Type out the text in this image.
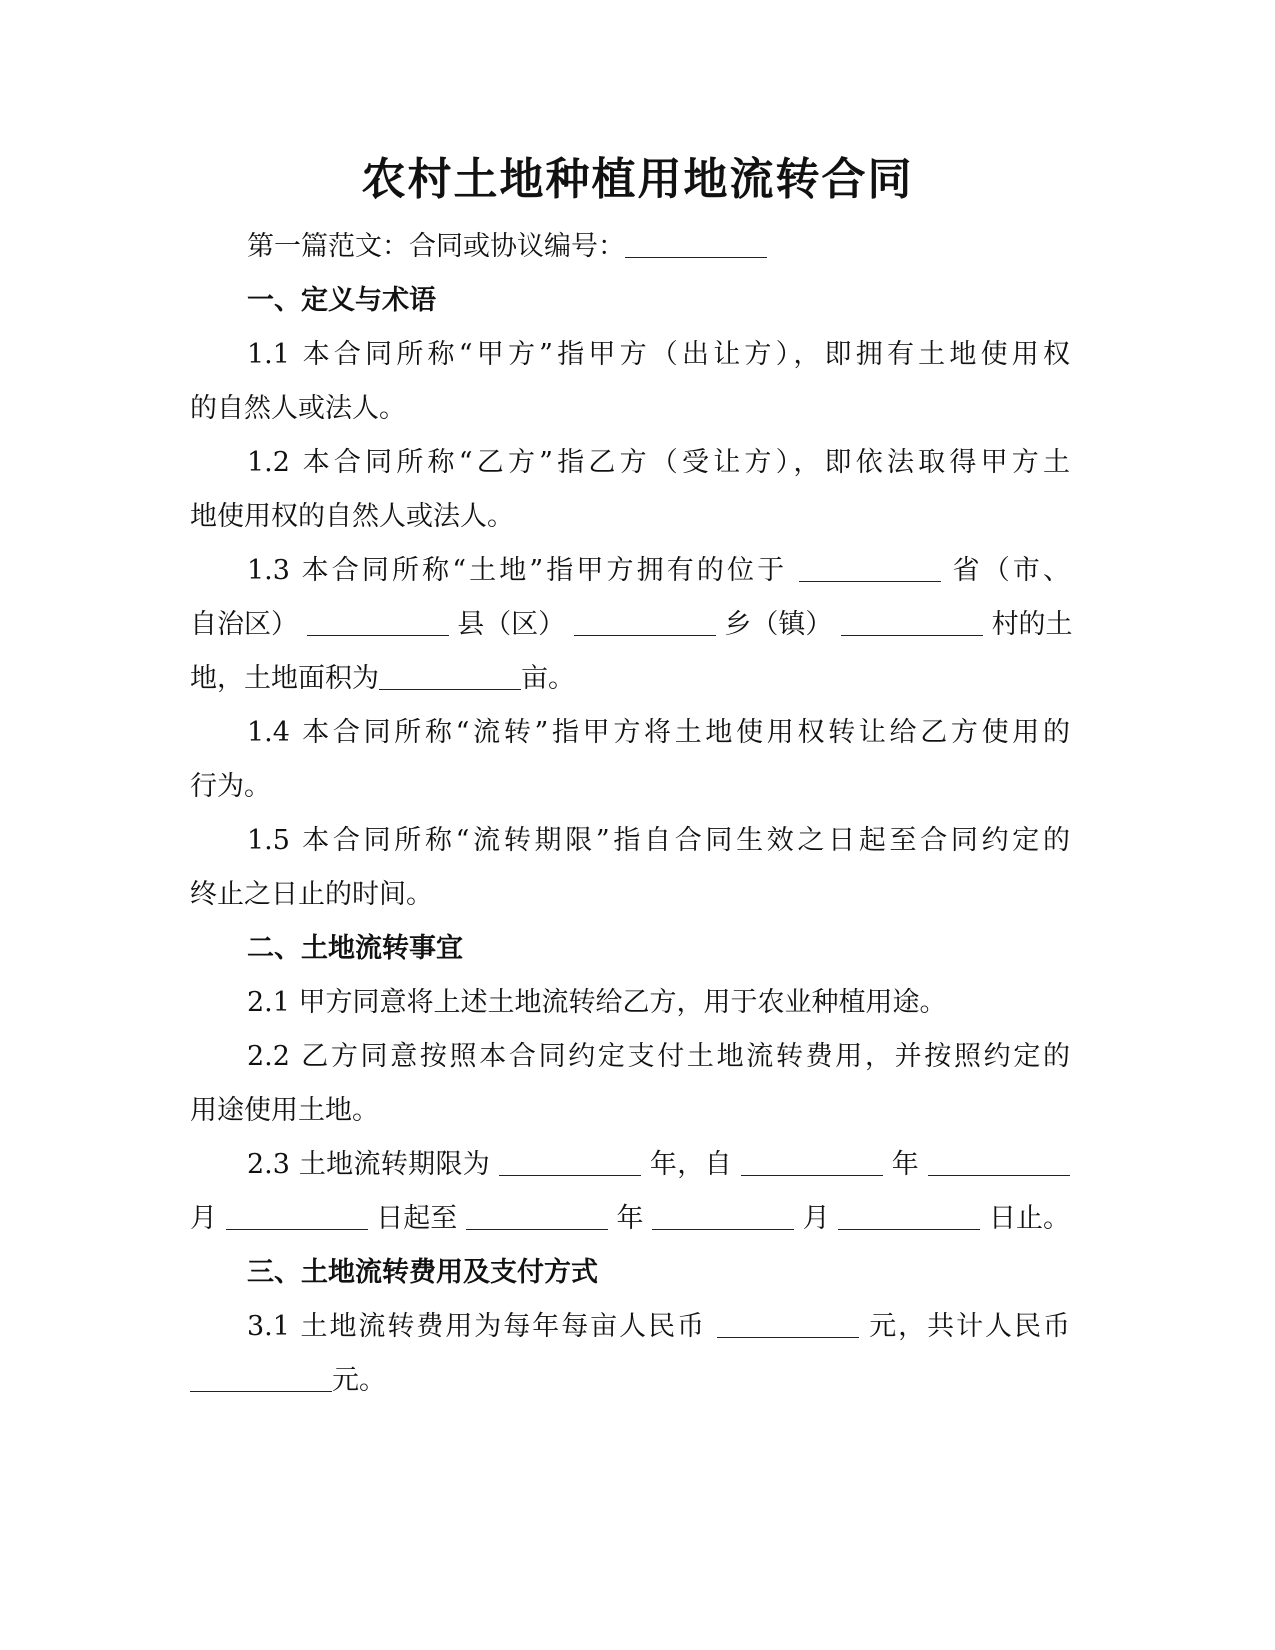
农村土地种植用地流转合同
第一篇范文：合同或协议编号：
一、定义与术语
1.1 本合同所称“甲方”指甲方（出让方），即拥有土地使用权
的自然人或法人。
1.2 本合同所称“乙方”指乙方（受让方），即依法取得甲方土
地使用权的自然人或法人。
1.3 本合同所称“土地”指甲方拥有的位于	省（市、
自治区）	县（区）	乡（镇）	村的土
地，土地面积为	亩。
1.4 本合同所称“流转”指甲方将土地使用权转让给乙方使用的
行为。
1.5 本合同所称“流转期限”指自合同生效之日起至合同约定的
终止之日止的时间。
二、土地流转事宜
2.1 甲方同意将上述土地流转给乙方，用于农业种植用途。
2.2 乙方同意按照本合同约定支付土地流转费用，并按照约定的
用途使用土地。
2.3 土地流转期限为	年，自	年
月	日起至	年	月	日止。
三、土地流转费用及支付方式
3.1 土地流转费用为每年每亩人民币	元，共计人民币
元。
